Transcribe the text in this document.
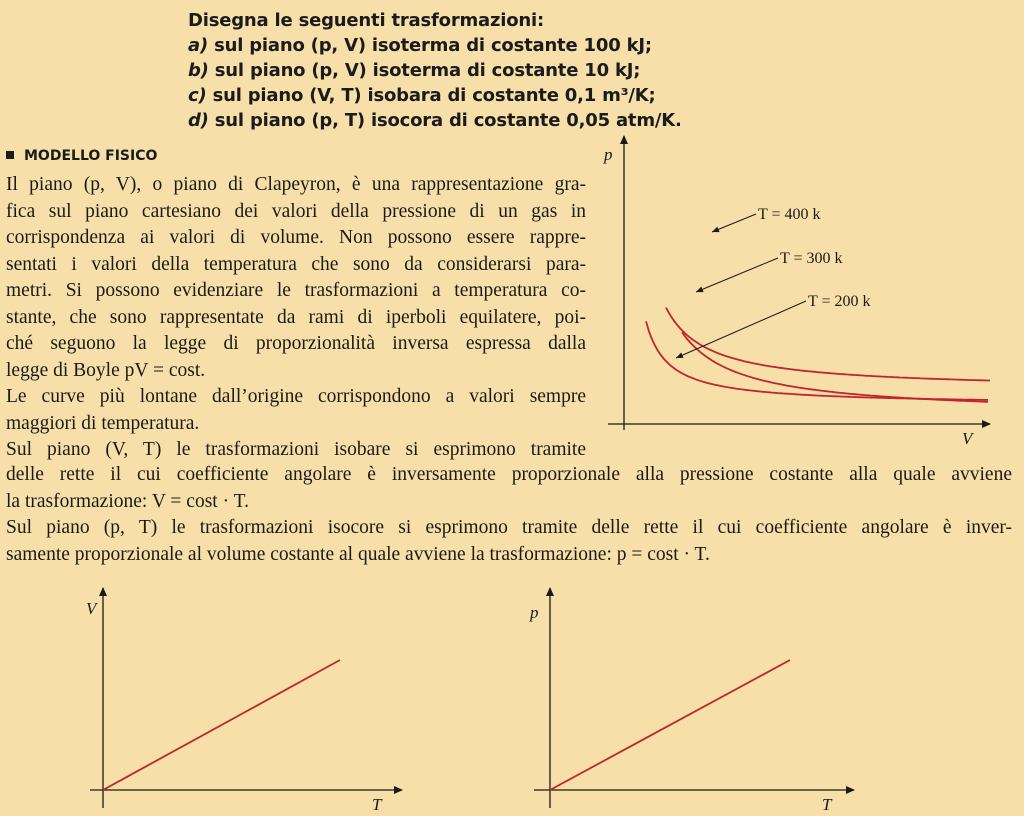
Disegna le seguenti trasformazioni:
a) sul piano (p, V) isoterma di costante 100 kJ;
b) sul piano (p, V) isoterma di costante 10 kJ;
c) sul piano (V, T) isobara di costante 0,1 m³/K;
d) sul piano (p, T) isocora di costante 0,05 atm/K.
MODELLO FISICO
Il piano (p, V), o piano di Clapeyron, è una rappresentazione gra-
fica sul piano cartesiano dei valori della pressione di un gas in
corrispondenza ai valori di volume. Non possono essere rappre-
sentati i valori della temperatura che sono da considerarsi para-
metri. Si possono evidenziare le trasformazioni a temperatura co-
stante, che sono rappresentate da rami di iperboli equilatere, poi-
ché seguono la legge di proporzionalità inversa espressa dalla
legge di Boyle pV = cost.
Le curve più lontane dall’origine corrispondono a valori sempre
maggiori di temperatura.
Sul piano (V, T) le trasformazioni isobare si esprimono tramite
delle rette il cui coefficiente angolare è inversamente proporzionale alla pressione costante alla quale avviene
la trasformazione: V = cost · T.
Sul piano (p, T) le trasformazioni isocore si esprimono tramite delle rette il cui coefficiente angolare è inver-
samente proporzionale al volume costante al quale avviene la trasformazione: p = cost · T.
p
V
T = 400 k
T = 300 k
T = 200 k
V
T
p
T
